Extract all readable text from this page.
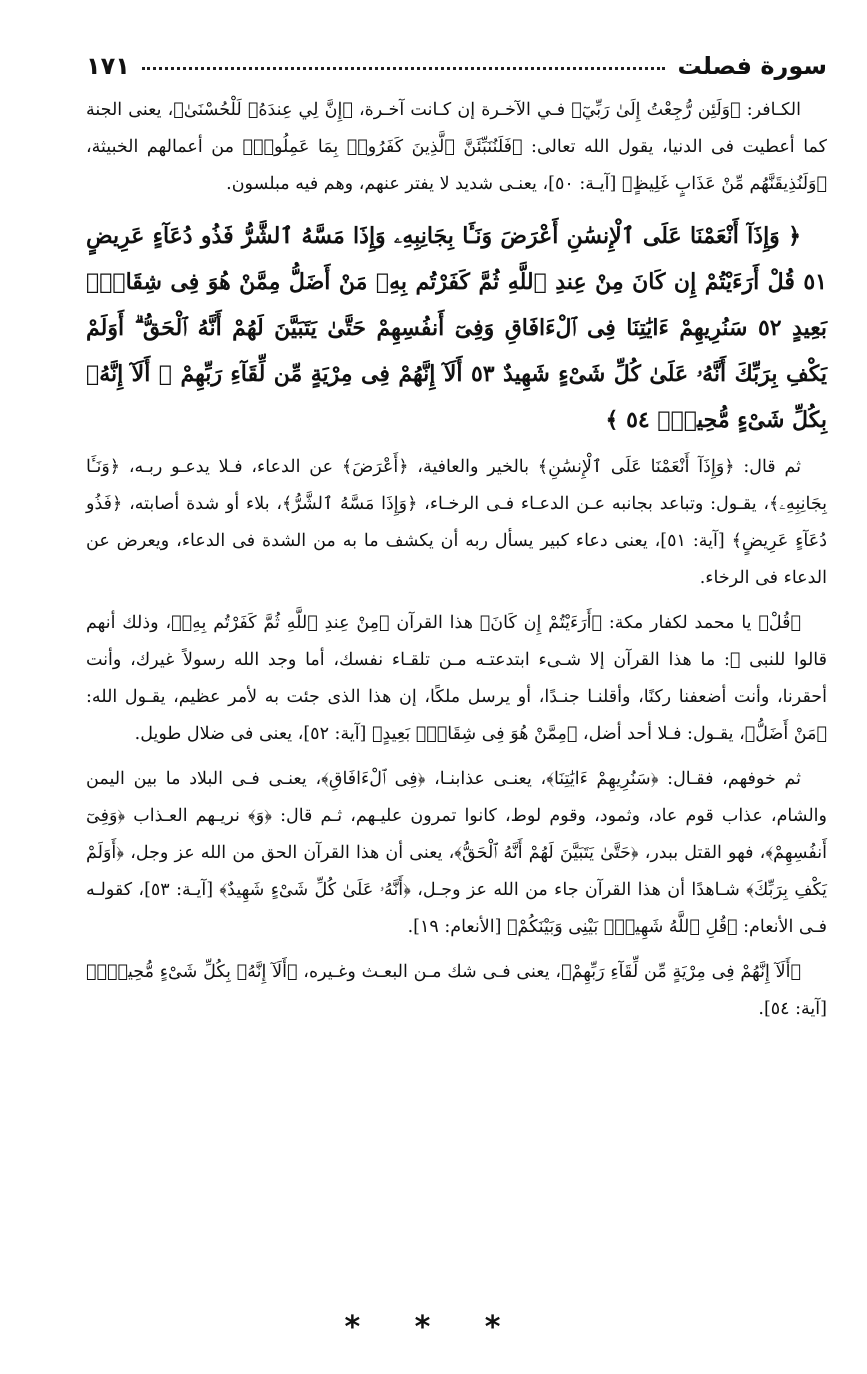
سورة فصلت
١٧١

الكـافر: ﴿وَلَئِن رُّجِعْتُ إِلَىٰ رَبِّيٓ﴾ فـي الآخـرة إن كـانت آخـرة، ﴿إِنَّ لِي عِندَهُۥ لَلْحُسْنَىٰ﴾، يعنى الجنة كما أعطيت فى الدنيا، يقول الله تعالى: ﴿فَلَنُنَبِّئَنَّ ٱلَّذِينَ كَفَرُوا۟ بِمَا عَمِلُوا۟﴾ من أعمالهم الخبيثة، ﴿وَلَنُذِيقَنَّهُم مِّنْ عَذَابٍ غَلِيظٍ﴾ [آيـة: ٥٠]، يعنـى شديد لا يفتر عنهم، وهم فيه مبلسون.

﴿ وَإِذَآ أَنْعَمْنَا عَلَى ٱلْإِنسَٰنِ أَعْرَضَ وَنَـَٔا بِجَانِبِهِۦ وَإِذَا مَسَّهُ ٱلشَّرُّ فَذُو دُعَآءٍ عَرِيضٍ ٥١ قُلْ أَرَءَيْتُمْ إِن كَانَ مِنْ عِندِ ٱللَّهِ ثُمَّ كَفَرْتُم بِهِۦ مَنْ أَضَلُّ مِمَّنْ هُوَ فِى شِقَاقٍۭ بَعِيدٍ ٥٢ سَنُرِيهِمْ ءَايَٰتِنَا فِى ٱلْءَافَاقِ وَفِىٓ أَنفُسِهِمْ حَتَّىٰ يَتَبَيَّنَ لَهُمْ أَنَّهُ ٱلْحَقُّ ۗ أَوَلَمْ يَكْفِ بِرَبِّكَ أَنَّهُۥ عَلَىٰ كُلِّ شَىْءٍ شَهِيدٌ ٥٣ أَلَآ إِنَّهُمْ فِى مِرْيَةٍ مِّن لِّقَآءِ رَبِّهِمْ ۗ أَلَآ إِنَّهُۥ بِكُلِّ شَىْءٍ مُّحِيطٌۢ ٥٤ ﴾

ثم قال: ﴿وَإِذَآ أَنْعَمْنَا عَلَى ٱلْإِنسَٰنِ﴾ بالخير والعافية، ﴿أَعْرَضَ﴾ عن الدعاء، فـلا يدعـو ربـه، ﴿وَنَـَٔا بِجَانِبِهِۦ﴾، يقـول: وتباعد بجانبه عـن الدعـاء فـى الرخـاء، ﴿وَإِذَا مَسَّهُ ٱلشَّرُّ﴾، بلاء أو شدة أصابته، ﴿فَذُو دُعَآءٍ عَرِيضٍ﴾ [آية: ٥١]، يعنى دعاء كبير يسأل ربه أن يكشف ما به من الشدة فى الدعاء، ويعرض عن الدعاء فى الرخاء.

﴿قُلْ﴾ يا محمد لكفار مكة: ﴿أَرَءَيْتُمْ إِن كَانَ﴾ هذا القرآن ﴿مِنْ عِندِ ٱللَّهِ ثُمَّ كَفَرْتُم بِهِۦ﴾، وذلك أنهم قالوا للنبى ﷺ: ما هذا القرآن إلا شـىء ابتدعتـه مـن تلقـاء نفسك، أما وجد الله رسولاً غيرك، وأنت أحقرنا، وأنت أضعفنا ركنًا، وأقلنـا جنـدًا، أو يرسل ملكًا، إن هذا الذى جئت به لأمر عظيم، يقـول الله: ﴿مَنْ أَضَلُّ﴾، يقـول: فـلا أحد أضل، ﴿مِمَّنْ هُوَ فِى شِقَاقٍۭ بَعِيدٍ﴾ [آية: ٥٢]، يعنى فى ضلال طويل.

ثم خوفهم، فقـال: ﴿سَنُرِيهِمْ ءَايَٰتِنَا﴾، يعنـى عذابنـا، ﴿فِى ٱلْءَافَاقِ﴾، يعنـى فـى البلاد ما بين اليمن والشام، عذاب قوم عاد، وثمود، وقوم لوط، كانوا تمرون عليـهم، ثـم قال: ﴿وَ﴾ نريـهم العـذاب ﴿وَفِىٓ أَنفُسِهِمْ﴾، فهو القتل ببدر، ﴿حَتَّىٰ يَتَبَيَّنَ لَهُمْ أَنَّهُ ٱلْحَقُّ﴾، يعنى أن هذا القرآن الحق من الله عز وجل، ﴿أَوَلَمْ يَكْفِ بِرَبِّكَ﴾ شـاهدًا أن هذا القرآن جاء من الله عز وجـل، ﴿أَنَّهُۥ عَلَىٰ كُلِّ شَىْءٍ شَهِيدٌ﴾ [آيـة: ٥٣]، كقولـه فـى الأنعام: ﴿قُلِ ٱللَّهُ شَهِيدٌۢ بَيْنِى وَبَيْنَكُمْ﴾ [الأنعام: ١٩].

﴿أَلَآ إِنَّهُمْ فِى مِرْيَةٍ مِّن لِّقَآءِ رَبِّهِمْ﴾، يعنى فـى شك مـن البعـث وغـيره، ﴿أَلَآ إِنَّهُۥ بِكُلِّ شَىْءٍ مُّحِيطٌۢ﴾ [آية: ٥٤].

* * *
